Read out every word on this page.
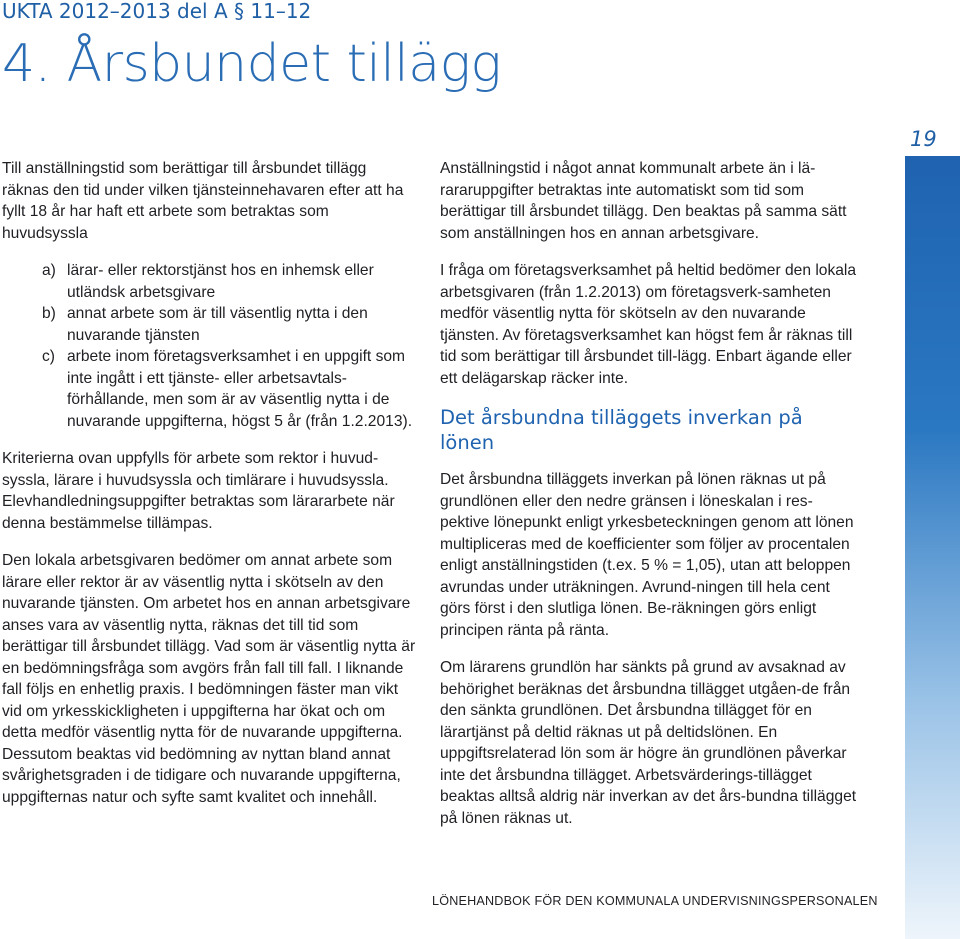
UKTA 2012–2013 del A § 11–12
4. Årsbundet tillägg
19

Till anställningstid som berättigar till årsbundet tillägg räknas den tid under vilken tjänsteinnehavaren efter att ha fyllt 18 år har haft ett arbete som betraktas som huvudsyssla

a) lärar- eller rektorstjänst hos en inhemsk eller utländsk arbetsgivare
b) annat arbete som är till väsentlig nytta i den nuvarande tjänsten
c) arbete inom företagsverksamhet i en uppgift som inte ingått i ett tjänste- eller arbetsavtals-förhållande, men som är av väsentlig nytta i de nuvarande uppgifterna, högst 5 år (från 1.2.2013).

Kriterierna ovan uppfylls för arbete som rektor i huvud-syssla, lärare i huvudsyssla och timlärare i huvudsyssla. Elevhandledningsuppgifter betraktas som lärararbete när denna bestämmelse tillämpas.

Den lokala arbetsgivaren bedömer om annat arbete som lärare eller rektor är av väsentlig nytta i skötseln av den nuvarande tjänsten. Om arbetet hos en annan arbetsgivare anses vara av väsentlig nytta, räknas det till tid som berättigar till årsbundet tillägg. Vad som är väsentlig nytta är en bedömningsfråga som avgörs från fall till fall. I liknande fall följs en enhetlig praxis. I bedömningen fäster man vikt vid om yrkesskickligheten i uppgifterna har ökat och om detta medför väsentlig nytta för de nuvarande uppgifterna. Dessutom beaktas vid bedömning av nyttan bland annat svårighetsgraden i de tidigare och nuvarande uppgifterna, uppgifternas natur och syfte samt kvalitet och innehåll.

Anställningstid i något annat kommunalt arbete än i lä-rararuppgifter betraktas inte automatiskt som tid som berättigar till årsbundet tillägg. Den beaktas på samma sätt som anställningen hos en annan arbetsgivare.

I fråga om företagsverksamhet på heltid bedömer den lokala arbetsgivaren (från 1.2.2013) om företagsverk-samheten medför väsentlig nytta för skötseln av den nuvarande tjänsten. Av företagsverksamhet kan högst fem år räknas till tid som berättigar till årsbundet till-lägg. Enbart ägande eller ett delägarskap räcker inte.

Det årsbundna tilläggets inverkan på lönen

Det årsbundna tilläggets inverkan på lönen räknas ut på grundlönen eller den nedre gränsen i löneskalan i res-pektive lönepunkt enligt yrkesbeteckningen genom att lönen multipliceras med de koefficienter som följer av procentalen enligt anställningstiden (t.ex. 5 % = 1,05), utan att beloppen avrundas under uträkningen. Avrund-ningen till hela cent görs först i den slutliga lönen. Be-räkningen görs enligt principen ränta på ränta.

Om lärarens grundlön har sänkts på grund av avsaknad av behörighet beräknas det årsbundna tillägget utgåen-de från den sänkta grundlönen. Det årsbundna tillägget för en lärartjänst på deltid räknas ut på deltidslönen. En uppgiftsrelaterad lön som är högre än grundlönen påverkar inte det årsbundna tillägget. Arbetsvärderings-tillägget beaktas alltså aldrig när inverkan av det års-bundna tillägget på lönen räknas ut.

LÖNEHANDBOK FÖR DEN KOMMUNALA UNDERVISNINGSPERSONALEN
